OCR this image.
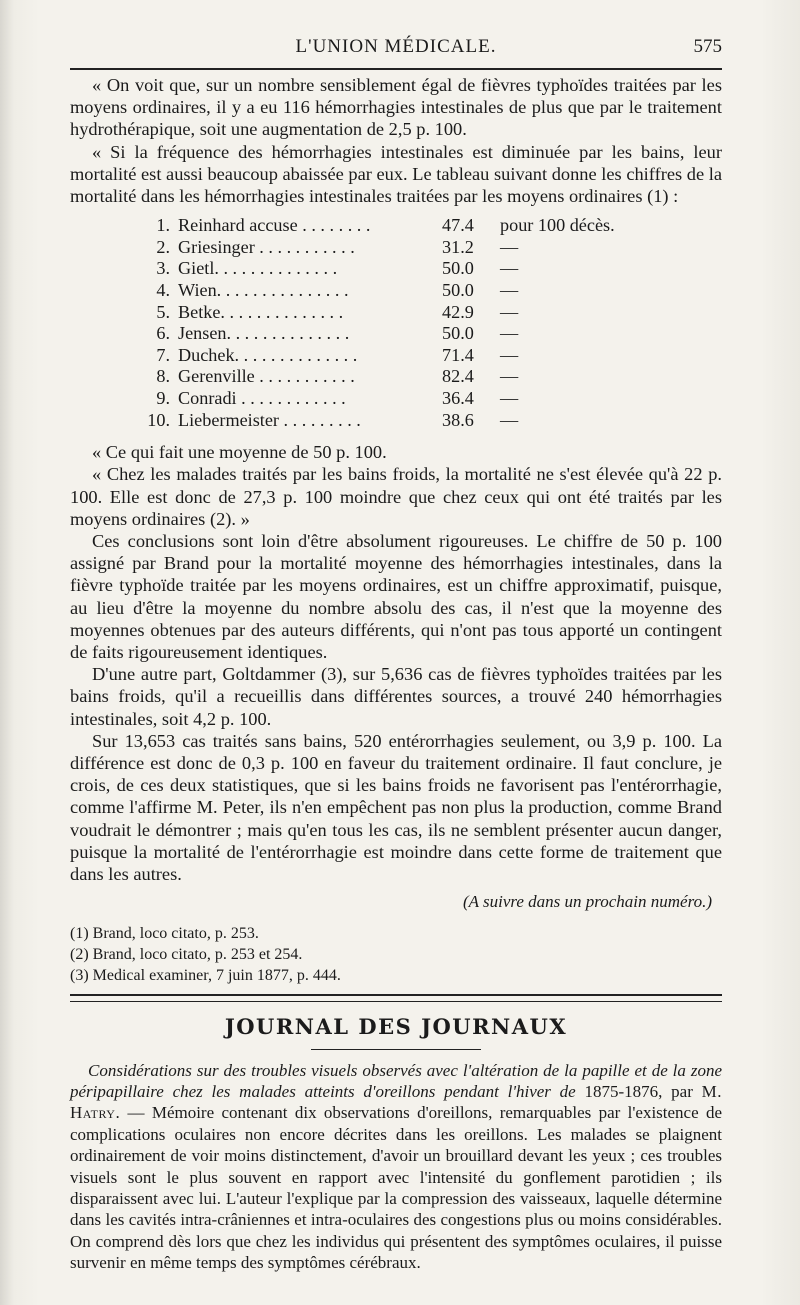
L'UNION MÉDICALE.	575

« On voit que, sur un nombre sensiblement égal de fièvres typhoïdes traitées par les moyens ordinaires, il y a eu 116 hémorrhagies intestinales de plus que par le traitement hydrothérapique, soit une augmentation de 2,5 p. 100.

« Si la fréquence des hémorrhagies intestinales est diminuée par les bains, leur mortalité est aussi beaucoup abaissée par eux. Le tableau suivant donne les chiffres de la mortalité dans les hémorrhagies intestinales traitées par les moyens ordinaires (1) :

1. Reinhard accuse . . . . . . . .	47.4	pour 100 décès.
2. Griesinger . . . . . . . . . . .	31.2	—
3. Gietl. . . . . . . . . . . . . .	50.0	—
4. Wien. . . . . . . . . . . . . . .	50.0	—
5. Betke. . . . . . . . . . . . . .	42.9	—
6. Jensen. . . . . . . . . . . . . .	50.0	—
7. Duchek. . . . . . . . . . . . . .	71.4	—
8. Gerenville . . . . . . . . . . .	82.4	—
9. Conradi . . . . . . . . . . . .	36.4	—
10. Liebermeister . . . . . . . . .	38.6	—

« Ce qui fait une moyenne de 50 p. 100.

« Chez les malades traités par les bains froids, la mortalité ne s'est élevée qu'à 22 p. 100. Elle est donc de 27,3 p. 100 moindre que chez ceux qui ont été traités par les moyens ordinaires (2). »

Ces conclusions sont loin d'être absolument rigoureuses. Le chiffre de 50 p. 100 assigné par Brand pour la mortalité moyenne des hémorrhagies intestinales, dans la fièvre typhoïde traitée par les moyens ordinaires, est un chiffre approximatif, puisque, au lieu d'être la moyenne du nombre absolu des cas, il n'est que la moyenne des moyennes obtenues par des auteurs différents, qui n'ont pas tous apporté un contingent de faits rigoureusement identiques.

D'une autre part, Goltdammer (3), sur 5,636 cas de fièvres typhoïdes traitées par les bains froids, qu'il a recueillis dans différentes sources, a trouvé 240 hémorrhagies intestinales, soit 4,2 p. 100.

Sur 13,653 cas traités sans bains, 520 entérorrhagies seulement, ou 3,9 p. 100. La différence est donc de 0,3 p. 100 en faveur du traitement ordinaire. Il faut conclure, je crois, de ces deux statistiques, que si les bains froids ne favorisent pas l'entérorrhagie, comme l'affirme M. Peter, ils n'en empêchent pas non plus la production, comme Brand voudrait le démontrer ; mais qu'en tous les cas, ils ne semblent présenter aucun danger, puisque la mortalité de l'entérorrhagie est moindre dans cette forme de traitement que dans les autres.

(A suivre dans un prochain numéro.)
(1) Brand, loco citato, p. 253.
(2) Brand, loco citato, p. 253 et 254.
(3) Medical examiner, 7 juin 1877, p. 444.
JOURNAL DES JOURNAUX

Considérations sur des troubles visuels observés avec l'altération de la papille et de la zone péripapillaire chez les malades atteints d'oreillons pendant l'hiver de 1875-1876, par M. Hatry. — Mémoire contenant dix observations d'oreillons, remarquables par l'existence de complications oculaires non encore décrites dans les oreillons. Les malades se plaignent ordinairement de voir moins distinctement, d'avoir un brouillard devant les yeux ; ces troubles visuels sont le plus souvent en rapport avec l'intensité du gonflement parotidien ; ils disparaissent avec lui. L'auteur l'explique par la compression des vaisseaux, laquelle détermine dans les cavités intra-crâniennes et intra-oculaires des congestions plus ou moins considérables. On comprend dès lors que chez les individus qui présentent des symptômes oculaires, il puisse survenir en même temps des symptômes cérébraux.
